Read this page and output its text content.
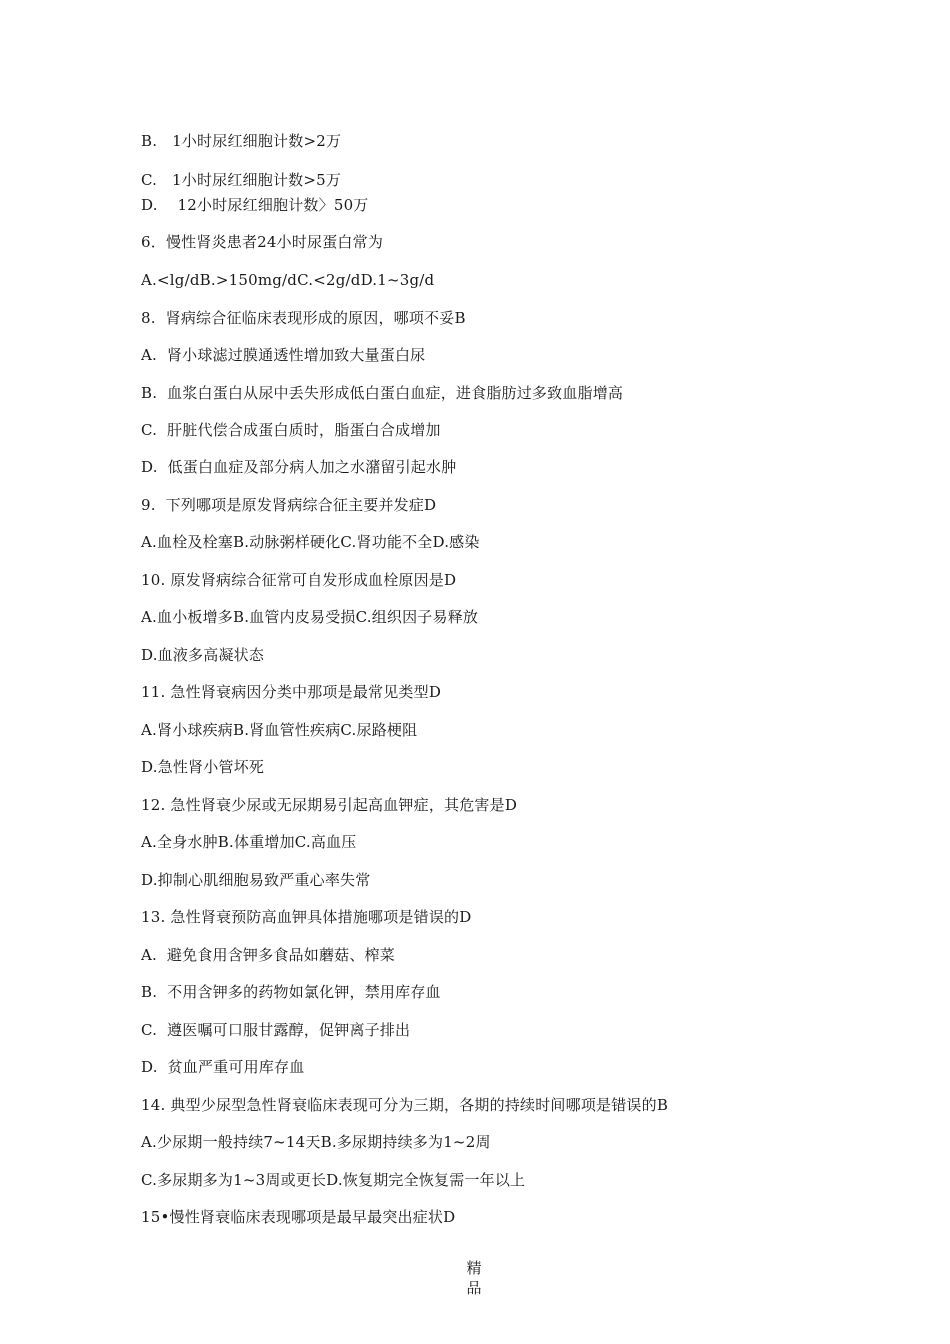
B.   1小时尿红细胞计数>2万
C.   1小时尿红细胞计数>5万
D.    12小时尿红细胞计数〉50万
6．慢性肾炎患者24小时尿蛋白常为
A.<lg/dB.>150mg/dC.<2g/dD.1~3g/d
8.  肾病综合征临床表现形成的原因，哪项不妥B
A.  肾小球滤过膜通透性增加致大量蛋白尿
B.  血浆白蛋白从尿中丢失形成低白蛋白血症，进食脂肪过多致血脂增高
C.  肝脏代偿合成蛋白质时，脂蛋白合成增加
D.  低蛋白血症及部分病人加之水潴留引起水肿
9.  下列哪项是原发肾病综合征主要并发症D
A.血栓及栓塞B.动脉粥样硬化C.肾功能不全D.感染
10. 原发肾病综合征常可自发形成血栓原因是D
A.血小板增多B.血管内皮易受损C.组织因子易释放
D.血液多高凝状态
11. 急性肾衰病因分类中那项是最常见类型D
A.肾小球疾病B.肾血管性疾病C.尿路梗阻
D.急性肾小管坏死
12. 急性肾衰少尿或无尿期易引起高血钾症，其危害是D
A.全身水肿B.体重增加C.高血压
D.抑制心肌细胞易致严重心率失常
13. 急性肾衰预防高血钾具体措施哪项是错误的D
A.  避免食用含钾多食品如蘑菇、榨菜
B.  不用含钾多的药物如氯化钾，禁用库存血
C.  遵医嘱可口服甘露醇，促钾离子排出
D.  贫血严重可用库存血
14. 典型少尿型急性肾衰临床表现可分为三期，各期的持续时间哪项是错误的B
A.少尿期一般持续7~14天B.多尿期持续多为1~2周
C.多尿期多为1~3周或更长D.恢复期完全恢复需一年以上
15•慢性肾衰临床表现哪项是最早最突出症状D
精
品
